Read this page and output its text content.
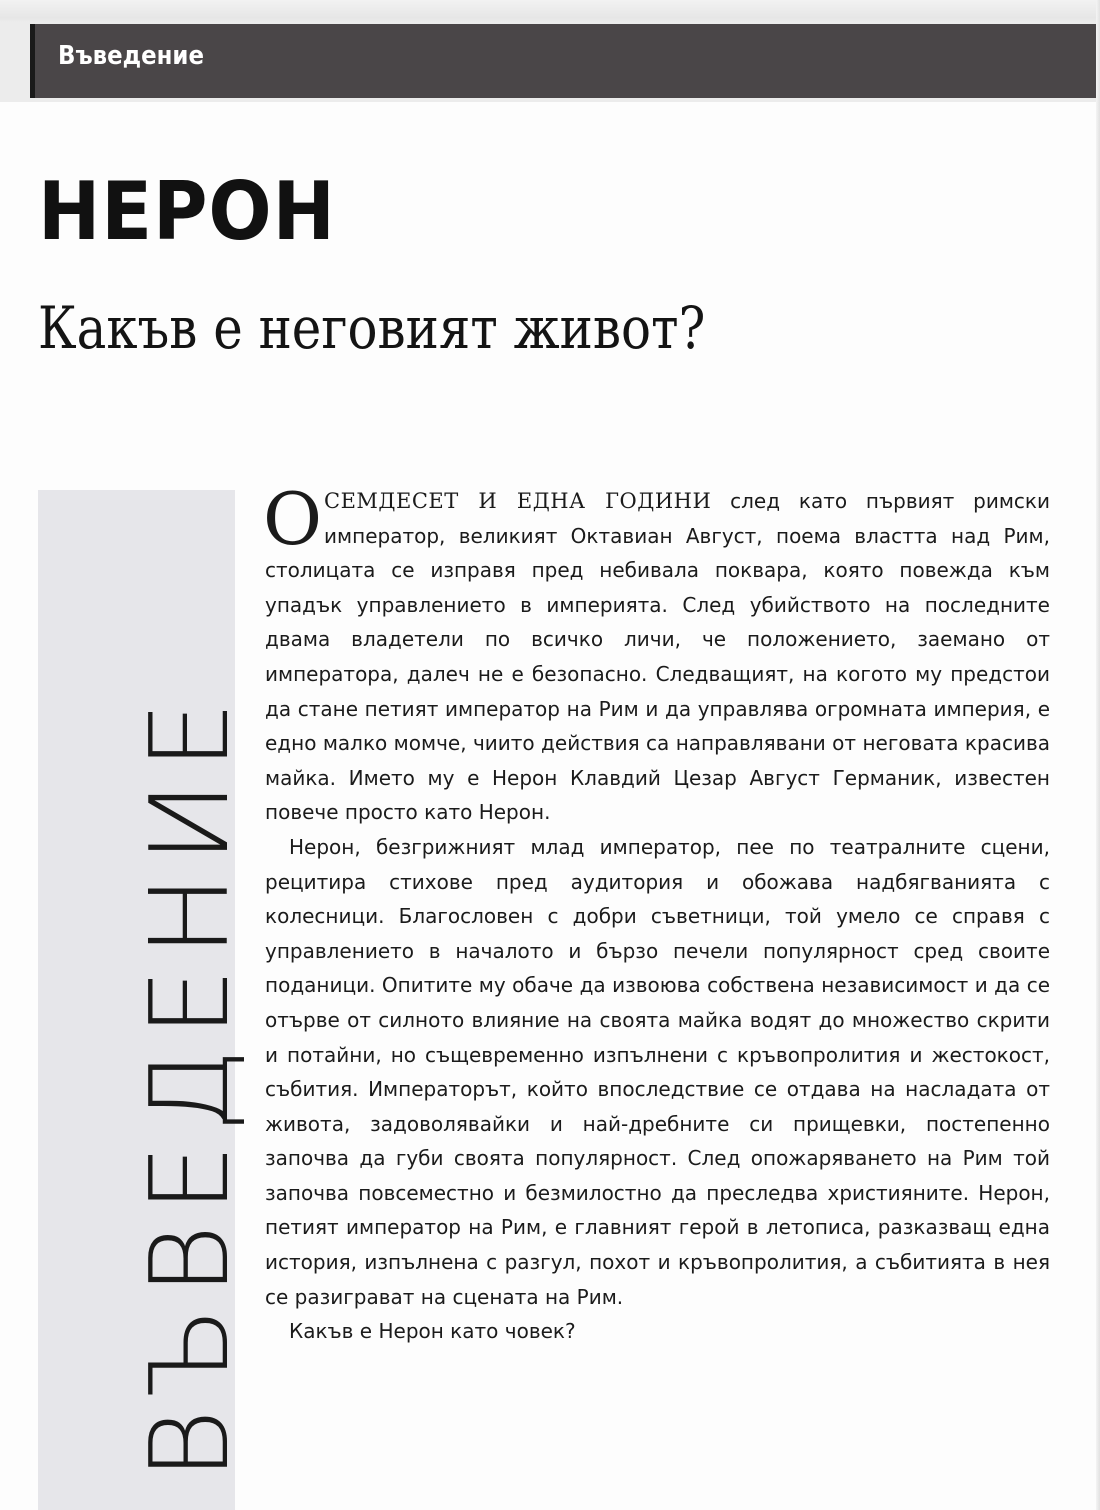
Въведение
НЕРОН
Какъв е неговият живот?
ВЪВЕДЕНИЕ

ОСЕМДЕСЕТ И ЕДНА ГОДИНИ след като първият римски император, великият Октавиан Август, поема властта над Рим, столицата се изправя пред небивала поквара, която повежда към упадък управлението в империята. След убийството на последните двама владетели по всичко личи, че положението, заемано от императора, далеч не е безопасно. Следващият, на когото му предстои да стане петият император на Рим и да управлява огромната империя, е едно малко момче, чиито действия са направлявани от неговата красива майка. Името му е Нерон Клавдий Цезар Август Германик, известен повече просто като Нерон.

Нерон, безгрижният млад император, пее по театралните сцени, рецитира стихове пред аудитория и обожава надбягванията с колесници. Благословен с добри съветници, той умело се справя с управлението в началото и бързо печели популярност сред своите поданици. Опитите му обаче да извоюва собствена независимост и да се отърве от силното влияние на своята майка водят до множество скрити и потайни, но същевременно изпълнени с кръвопролития и жестокост, събития. Императорът, който впоследствие се отдава на насладата от живота, задоволявайки и най-дребните си прищевки, постепенно започва да губи своята популярност. След опожаряването на Рим той започва повсеместно и безмилостно да преследва християните. Нерон, петият император на Рим, е главният герой в летописа, разказващ една история, изпълнена с разгул, похот и кръвопролития, а събитията в нея се разиграват на сцената на Рим.

Какъв е Нерон като човек?
